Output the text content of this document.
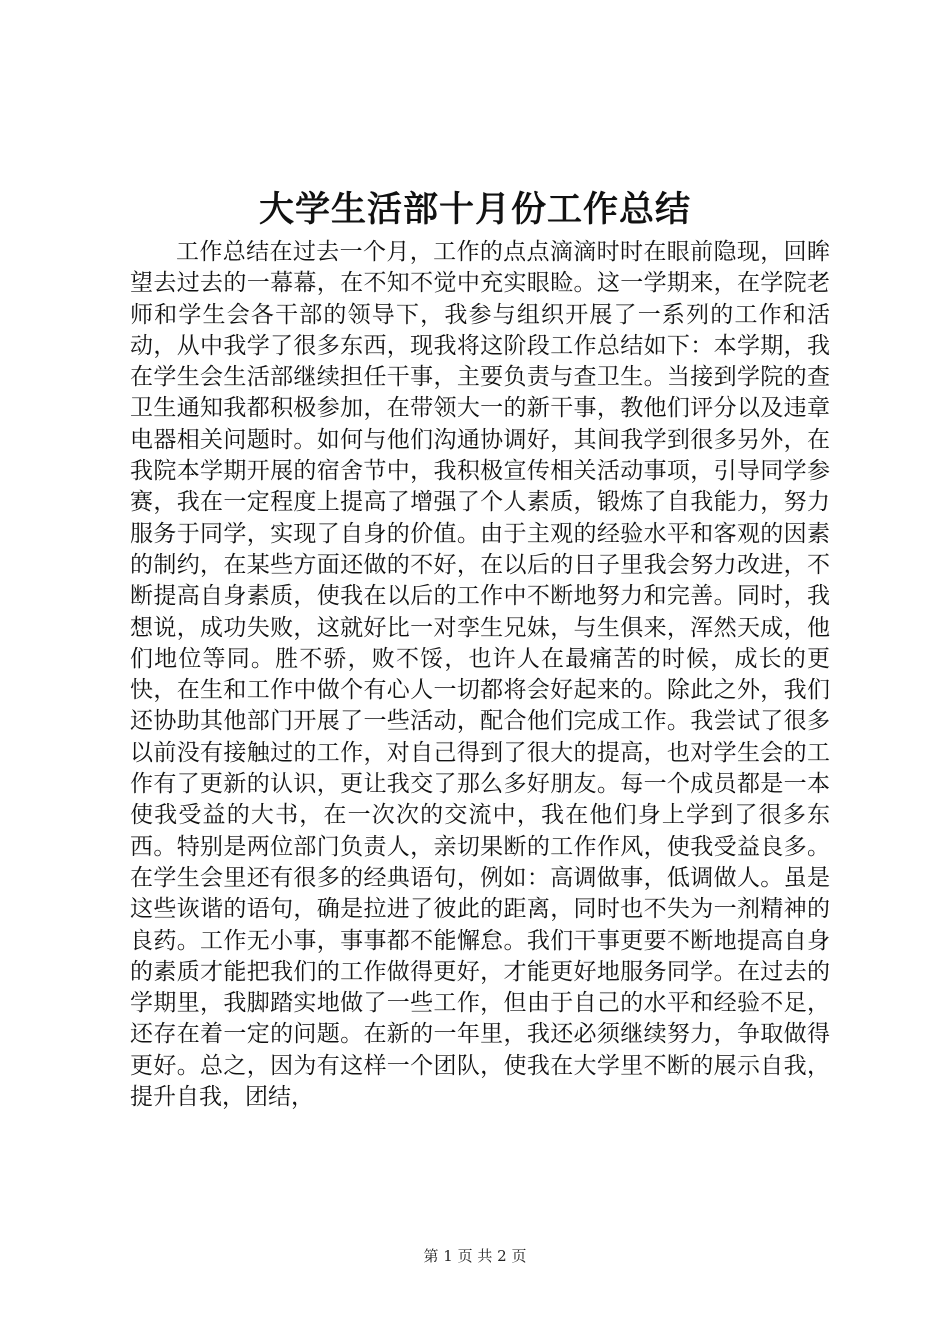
大学生活部十月份工作总结

工作总结在过去一个月，工作的点点滴滴时时在眼前隐现，回眸望去过去的一幕幕，在不知不觉中充实眼睑。这一学期来，在学院老师和学生会各干部的领导下，我参与组织开展了一系列的工作和活动，从中我学了很多东西，现我将这阶段工作总结如下：本学期，我在学生会生活部继续担任干事，主要负责与查卫生。当接到学院的查卫生通知我都积极参加，在带领大一的新干事，教他们评分以及违章电器相关问题时。如何与他们沟通协调好，其间我学到很多另外，在我院本学期开展的宿舍节中，我积极宣传相关活动事项，引导同学参赛，我在一定程度上提高了增强了个人素质，锻炼了自我能力，努力服务于同学，实现了自身的价值。由于主观的经验水平和客观的因素的制约，在某些方面还做的不好，在以后的日子里我会努力改进，不断提高自身素质，使我在以后的工作中不断地努力和完善。同时，我想说，成功失败，这就好比一对孪生兄妹，与生俱来，浑然天成，他们地位等同。胜不骄，败不馁，也许人在最痛苦的时候，成长的更快，在生和工作中做个有心人一切都将会好起来的。除此之外，我们还协助其他部门开展了一些活动，配合他们完成工作。我尝试了很多以前没有接触过的工作，对自己得到了很大的提高，也对学生会的工作有了更新的认识，更让我交了那么多好朋友。每一个成员都是一本使我受益的大书，在一次次的交流中，我在他们身上学到了很多东西。特别是两位部门负责人，亲切果断的工作作风，使我受益良多。在学生会里还有很多的经典语句，例如：高调做事，低调做人。虽是这些诙谐的语句，确是拉进了彼此的距离，同时也不失为一剂精神的良药。工作无小事，事事都不能懈怠。我们干事更要不断地提高自身的素质才能把我们的工作做得更好，才能更好地服务同学。在过去的学期里，我脚踏实地做了一些工作，但由于自己的水平和经验不足，还存在着一定的问题。在新的一年里，我还必须继续努力，争取做得更好。总之，因为有这样一个团队，使我在大学里不断的展示自我，提升自我，团结，

第 1 页 共 2 页
